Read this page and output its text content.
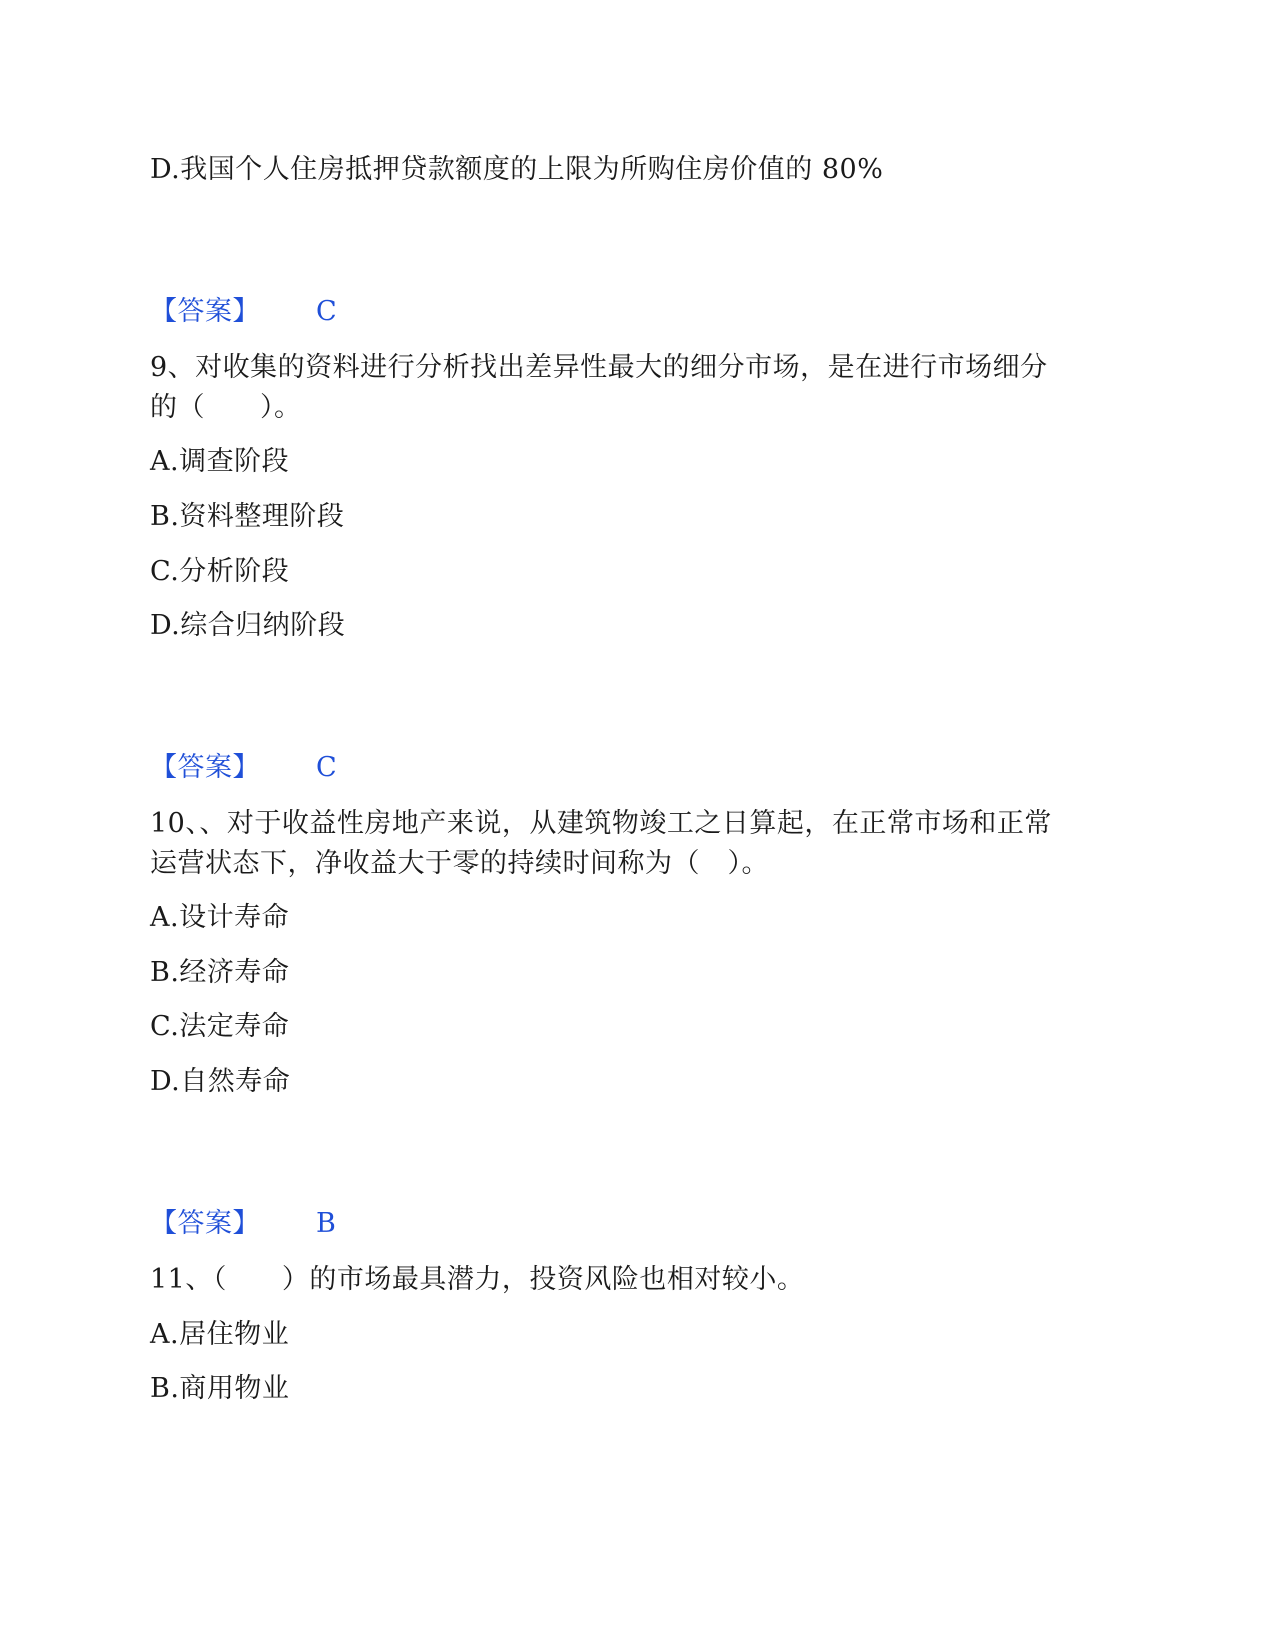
D.我国个人住房抵押贷款额度的上限为所购住房价值的 80%
【答案】 C
9、对收集的资料进行分析找出差异性最大的细分市场，是在进行市场细分
的（　　）。
A.调查阶段
B.资料整理阶段
C.分析阶段
D.综合归纳阶段
【答案】 C
10、、对于收益性房地产来说，从建筑物竣工之日算起，在正常市场和正常
运营状态下，净收益大于零的持续时间称为（　）。
A.设计寿命
B.经济寿命
C.法定寿命
D.自然寿命
【答案】 B
11、（　　）的市场最具潜力，投资风险也相对较小。
A.居住物业
B.商用物业
